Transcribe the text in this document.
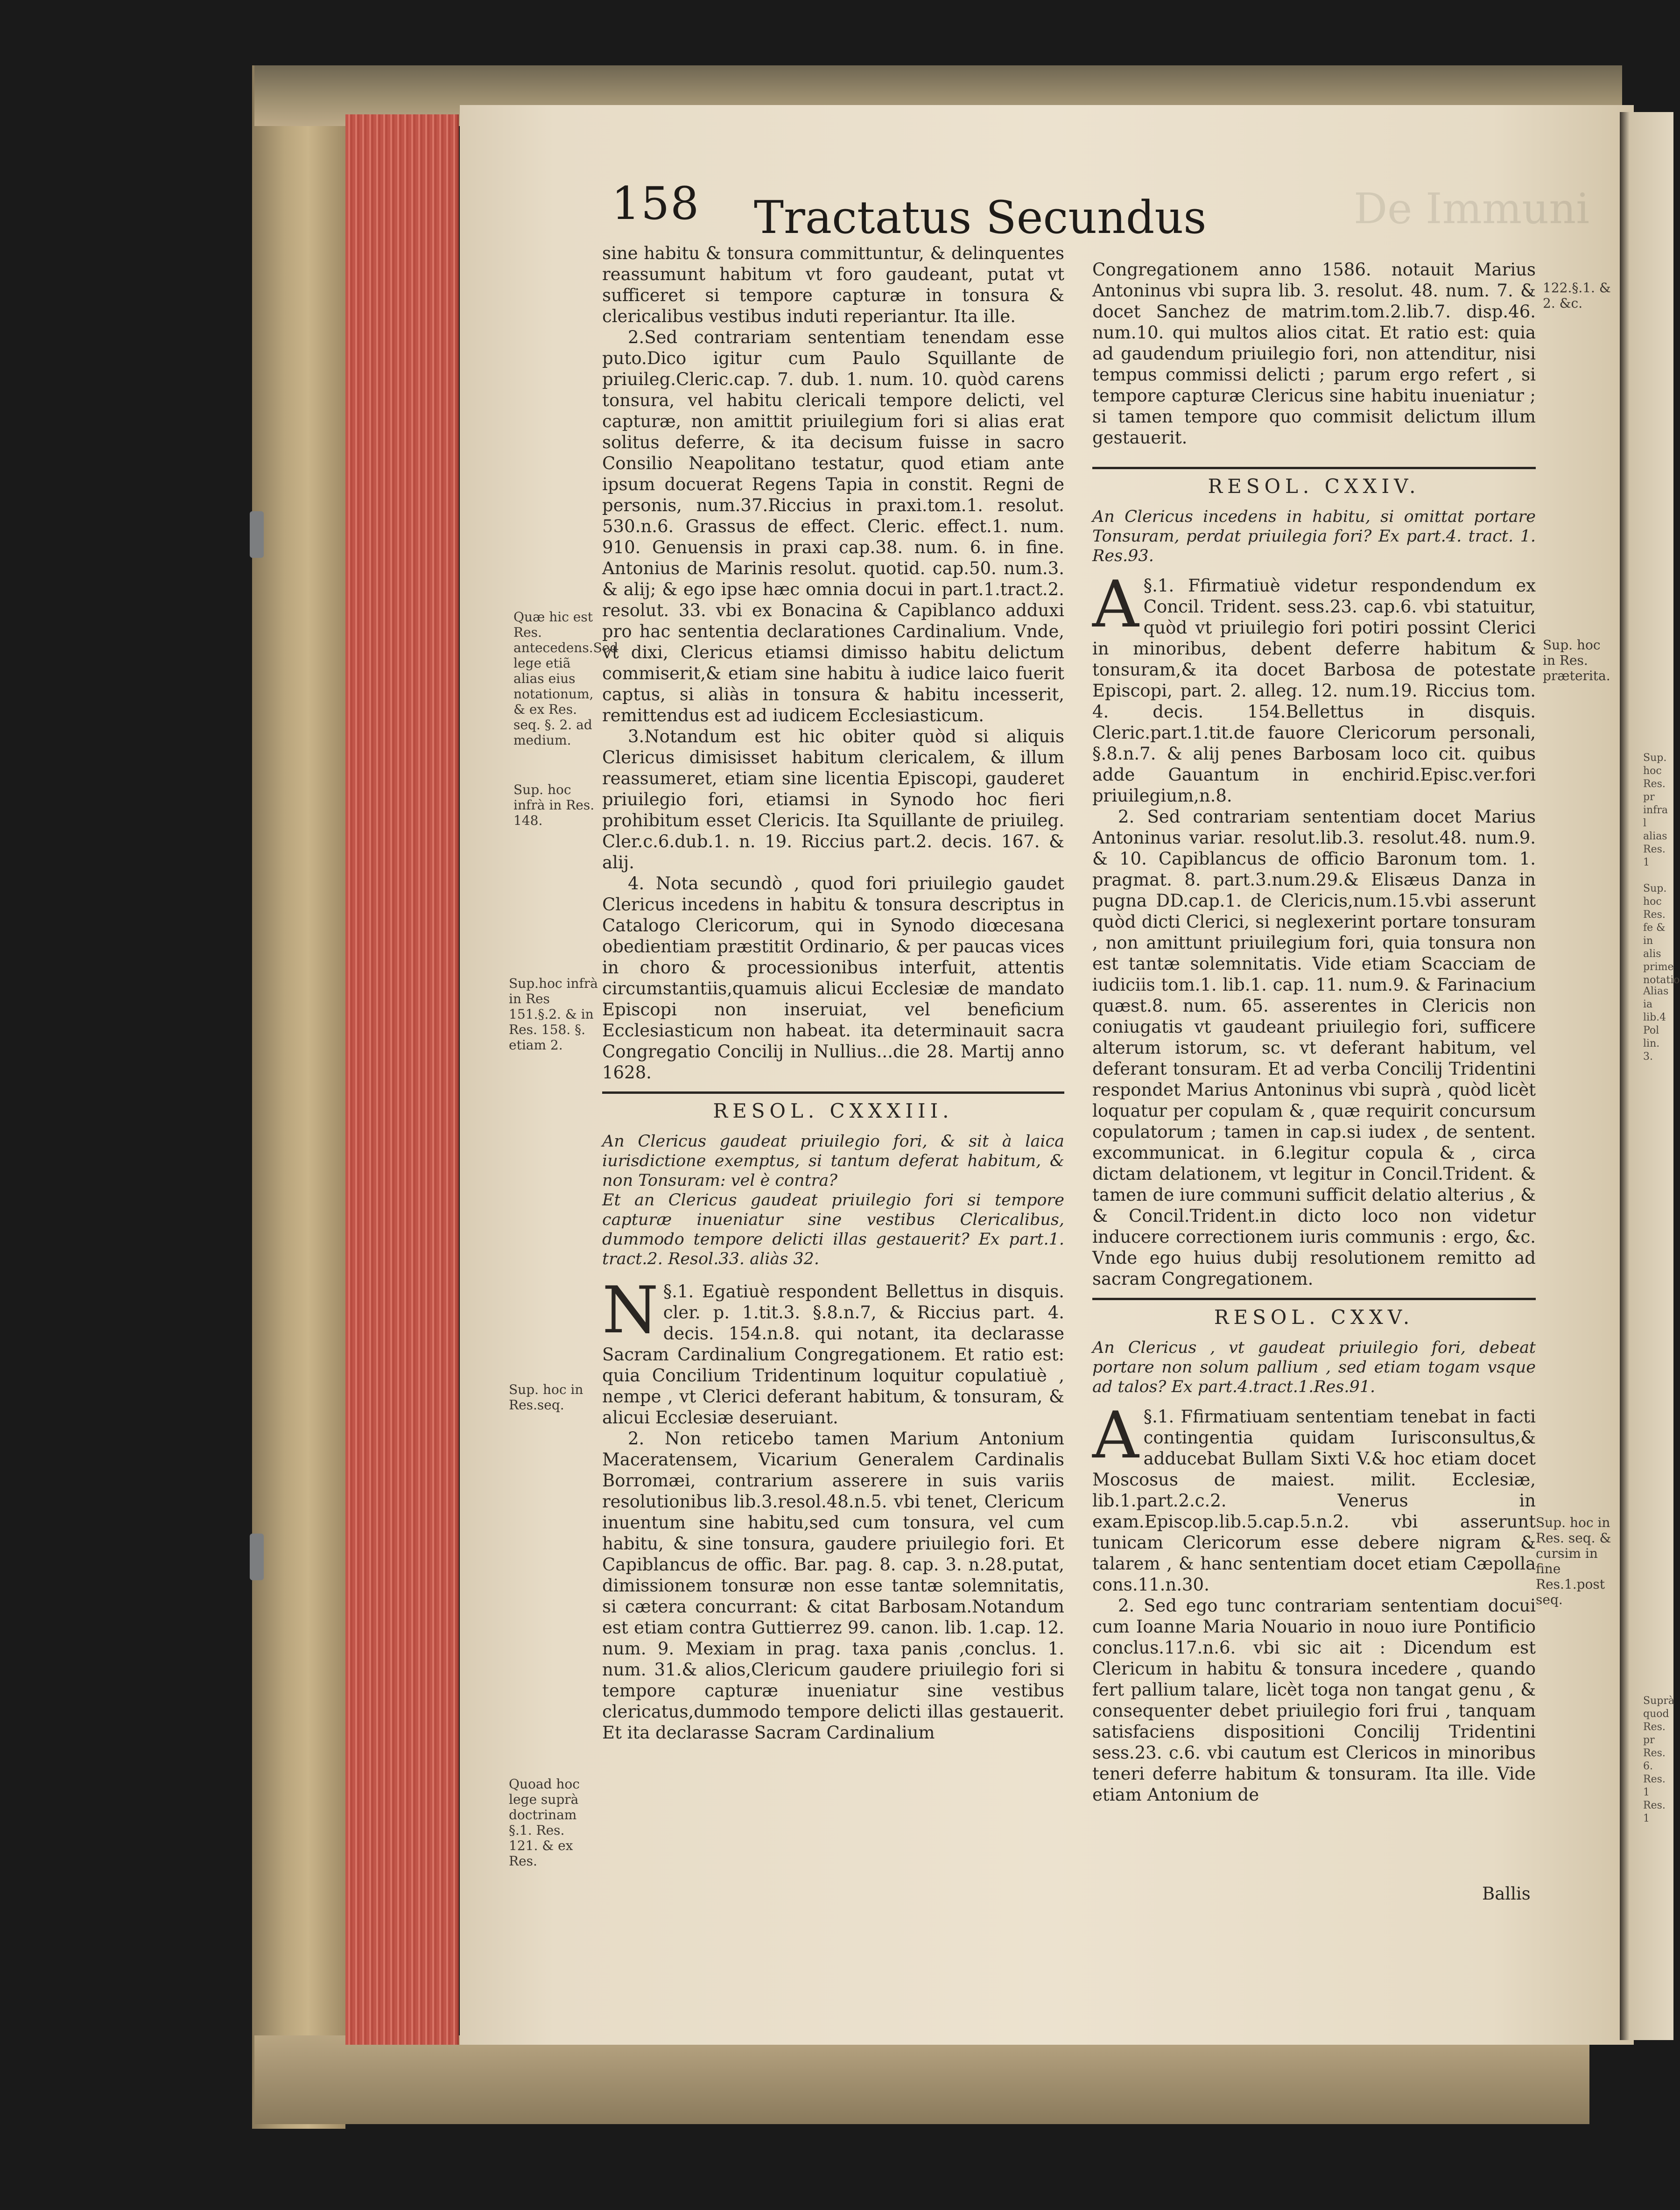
De Immuni
158 Tractatus Secundus

sine habitu & tonsura committuntur, & delinquentes reassumunt habitum vt foro gaudeant, putat vt sufficeret si tempore capturæ in tonsura & clericalibus vestibus induti reperiantur. Ita ille.

2.Sed contrariam sententiam tenendam esse puto.Dico igitur cum Paulo Squillante de priuileg.Cleric.cap. 7. dub. 1. num. 10. quòd carens tonsura, vel habitu clericali tempore delicti, vel capturæ, non amittit priuilegium fori si alias erat solitus deferre, & ita decisum fuisse in sacro Consilio Neapolitano testatur, quod etiam ante ipsum docuerat Regens Tapia in constit. Regni de personis, num.37.Riccius in praxi.tom.1. resolut. 530.n.6. Grassus de effect. Cleric. effect.1. num. 910. Genuensis in praxi cap.38. num. 6. in fine. Antonius de Marinis resolut. quotid. cap.50. num.3. & alij; & ego ipse hæc omnia docui in part.1.tract.2. resolut. 33. vbi ex Bonacina & Capiblanco adduxi pro hac sententia declarationes Cardinalium. Vnde, vt dixi, Clericus etiamsi dimisso habitu delictum commiserit,& etiam sine habitu à iudice laico fuerit captus, si aliàs in tonsura & habitu incesserit, remittendus est ad iudicem Ecclesiasticum.

3.Notandum est hic obiter quòd si aliquis Clericus dimisisset habitum clericalem, & illum reassumeret, etiam sine licentia Episcopi, gauderet priuilegio fori, etiamsi in Synodo hoc fieri prohibitum esset Clericis. Ita Squillante de priuileg. Cler.c.6.dub.1. n. 19. Riccius part.2. decis. 167. & alij.

4. Nota secundò , quod fori priuilegio gaudet Clericus incedens in habitu & tonsura descriptus in Catalogo Clericorum, qui in Synodo diœcesana obedientiam præstitit Ordinario, & per paucas vices in choro & processionibus interfuit, attentis circumstantiis,quamuis alicui Ecclesiæ de mandato Episcopi non inseruiat, vel beneficium Ecclesiasticum non habeat. ita determinauit sacra Congregatio Concilij in Nullius...die 28. Martij anno 1628.

RESOL. CXXXIII.

An Clericus gaudeat priuilegio fori, & sit à laica iurisdictione exemptus, si tantum deferat habitum, & non Tonsuram: vel è contra?

Et an Clericus gaudeat priuilegio fori si tempore capturæ inueniatur sine vestibus Clericalibus, dummodo tempore delicti illas gestauerit? Ex part.1. tract.2. Resol.33. aliàs 32.

N §.1. Egatiuè respondent Bellettus in disquis. cler. p. 1.tit.3. §.8.n.7, & Riccius part. 4. decis. 154.n.8. qui notant, ita declarasse Sacram Cardinalium Congregationem. Et ratio est: quia Concilium Tridentinum loquitur copulatiuè , nempe , vt Clerici deferant habitum, & tonsuram, & alicui Ecclesiæ deseruiant.

2. Non reticebo tamen Marium Antonium Maceratensem, Vicarium Generalem Cardinalis Borromæi, contrarium asserere in suis variis resolutionibus lib.3.resol.48.n.5. vbi tenet, Clericum inuentum sine habitu,sed cum tonsura, vel cum habitu, & sine tonsura, gaudere priuilegio fori. Et Capiblancus de offic. Bar. pag. 8. cap. 3. n.28.putat, dimissionem tonsuræ non esse tantæ solemnitatis, si cætera concurrant: & citat Barbosam.Notandum est etiam contra Guttierrez 99. canon. lib. 1.cap. 12. num. 9. Mexiam in prag. taxa panis ,conclus. 1. num. 31.& alios,Clericum gaudere priuilegio fori si tempore capturæ inueniatur sine vestibus clericatus,dummodo tempore delicti illas gestauerit. Et ita declarasse Sacram Cardinalium

Quæ hic est Res. antecedens.Sed lege etiã alias eius notationum, & ex Res. seq. §. 2. ad medium.
Sup. hoc infrà in Res. 148.
Sup.hoc infrà in Res 151.§.2. & in Res. 158. §. etiam 2.
Sup. hoc in Res.seq.
Quoad hoc lege suprà doctrinam §.1. Res. 121. & ex Res.

Congregationem anno 1586. notauit Marius Antoninus vbi supra lib. 3. resolut. 48. num. 7. & docet Sanchez de matrim.tom.2.lib.7. disp.46. num.10. qui multos alios citat. Et ratio est: quia ad gaudendum priuilegio fori, non attenditur, nisi tempus commissi delicti ; parum ergo refert , si tempore capturæ Clericus sine habitu inueniatur ; si tamen tempore quo commisit delictum illum gestauerit.

RESOL. CXXIV.

An Clericus incedens in habitu, si omittat portare Tonsuram, perdat priuilegia fori? Ex part.4. tract. 1. Res.93.

A §.1. Ffirmatiuè videtur respondendum ex Concil. Trident. sess.23. cap.6. vbi statuitur, quòd vt priuilegio fori potiri possint Clerici in minoribus, debent deferre habitum & tonsuram,& ita docet Barbosa de potestate Episcopi, part. 2. alleg. 12. num.19. Riccius tom. 4. decis. 154.Bellettus in disquis. Cleric.part.1.tit.de fauore Clericorum personali, §.8.n.7. & alij penes Barbosam loco cit. quibus adde Gauantum in enchirid.Episc.ver.fori priuilegium,n.8.

2. Sed contrariam sententiam docet Marius Antoninus variar. resolut.lib.3. resolut.48. num.9. & 10. Capiblancus de officio Baronum tom. 1. pragmat. 8. part.3.num.29.& Elisæus Danza in pugna DD.cap.1. de Clericis,num.15.vbi asserunt quòd dicti Clerici, si neglexerint portare tonsuram , non amittunt priuilegium fori, quia tonsura non est tantæ solemnitatis. Vide etiam Scacciam de iudiciis tom.1. lib.1. cap. 11. num.9. & Farinacium quæst.8. num. 65. asserentes in Clericis non coniugatis vt gaudeant priuilegio fori, sufficere alterum istorum, sc. vt deferant habitum, vel deferant tonsuram. Et ad verba Concilij Tridentini respondet Marius Antoninus vbi suprà , quòd licèt loquatur per copulam & , quæ requirit concursum copulatorum ; tamen in cap.si iudex , de sentent. excommunicat. in 6.legitur copula & , circa dictam delationem, vt legitur in Concil.Trident. & tamen de iure communi sufficit delatio alterius , & & Concil.Trident.in dicto loco non videtur inducere correctionem iuris communis : ergo, &c. Vnde ego huius dubij resolutionem remitto ad sacram Congregationem.

RESOL. CXXV.

An Clericus , vt gaudeat priuilegio fori, debeat portare non solum pallium , sed etiam togam vsque ad talos? Ex part.4.tract.1.Res.91.

A §.1. Ffirmatiuam sententiam tenebat in facti contingentia quidam Iurisconsultus,& adducebat Bullam Sixti V.& hoc etiam docet Moscosus de maiest. milit. Ecclesiæ, lib.1.part.2.c.2. Venerus in exam.Episcop.lib.5.cap.5.n.2. vbi asserunt tunicam Clericorum esse debere nigram & talarem , & hanc sententiam docet etiam Cæpolla cons.11.n.30.

2. Sed ego tunc contrariam sententiam docui cum Ioanne Maria Nouario in nouo iure Pontificio conclus.117.n.6. vbi sic ait : Dicendum est Clericum in habitu & tonsura incedere , quando fert pallium talare, licèt toga non tangat genu , & consequenter debet priuilegio fori frui , tanquam satisfaciens dispositioni Concilij Tridentini sess.23. c.6. vbi cautum est Clericos in minoribus teneri deferre habitum & tonsuram. Ita ille. Vide etiam Antonium de

Ballis
122.§.1. & 2. &c.
Sup. hoc in Res. præterita.
Sup. hoc in Res. seq. & cursim in fine Res.1.post seq.
Sup. hoc Res. pr infra l alias Res. 1
Sup. hoc Res. fe & in alis prime notatio
Alias ia lib.4 Pol lin. 3.
Suprà quod Res. pr Res. 6. Res. 1 Res. 1
